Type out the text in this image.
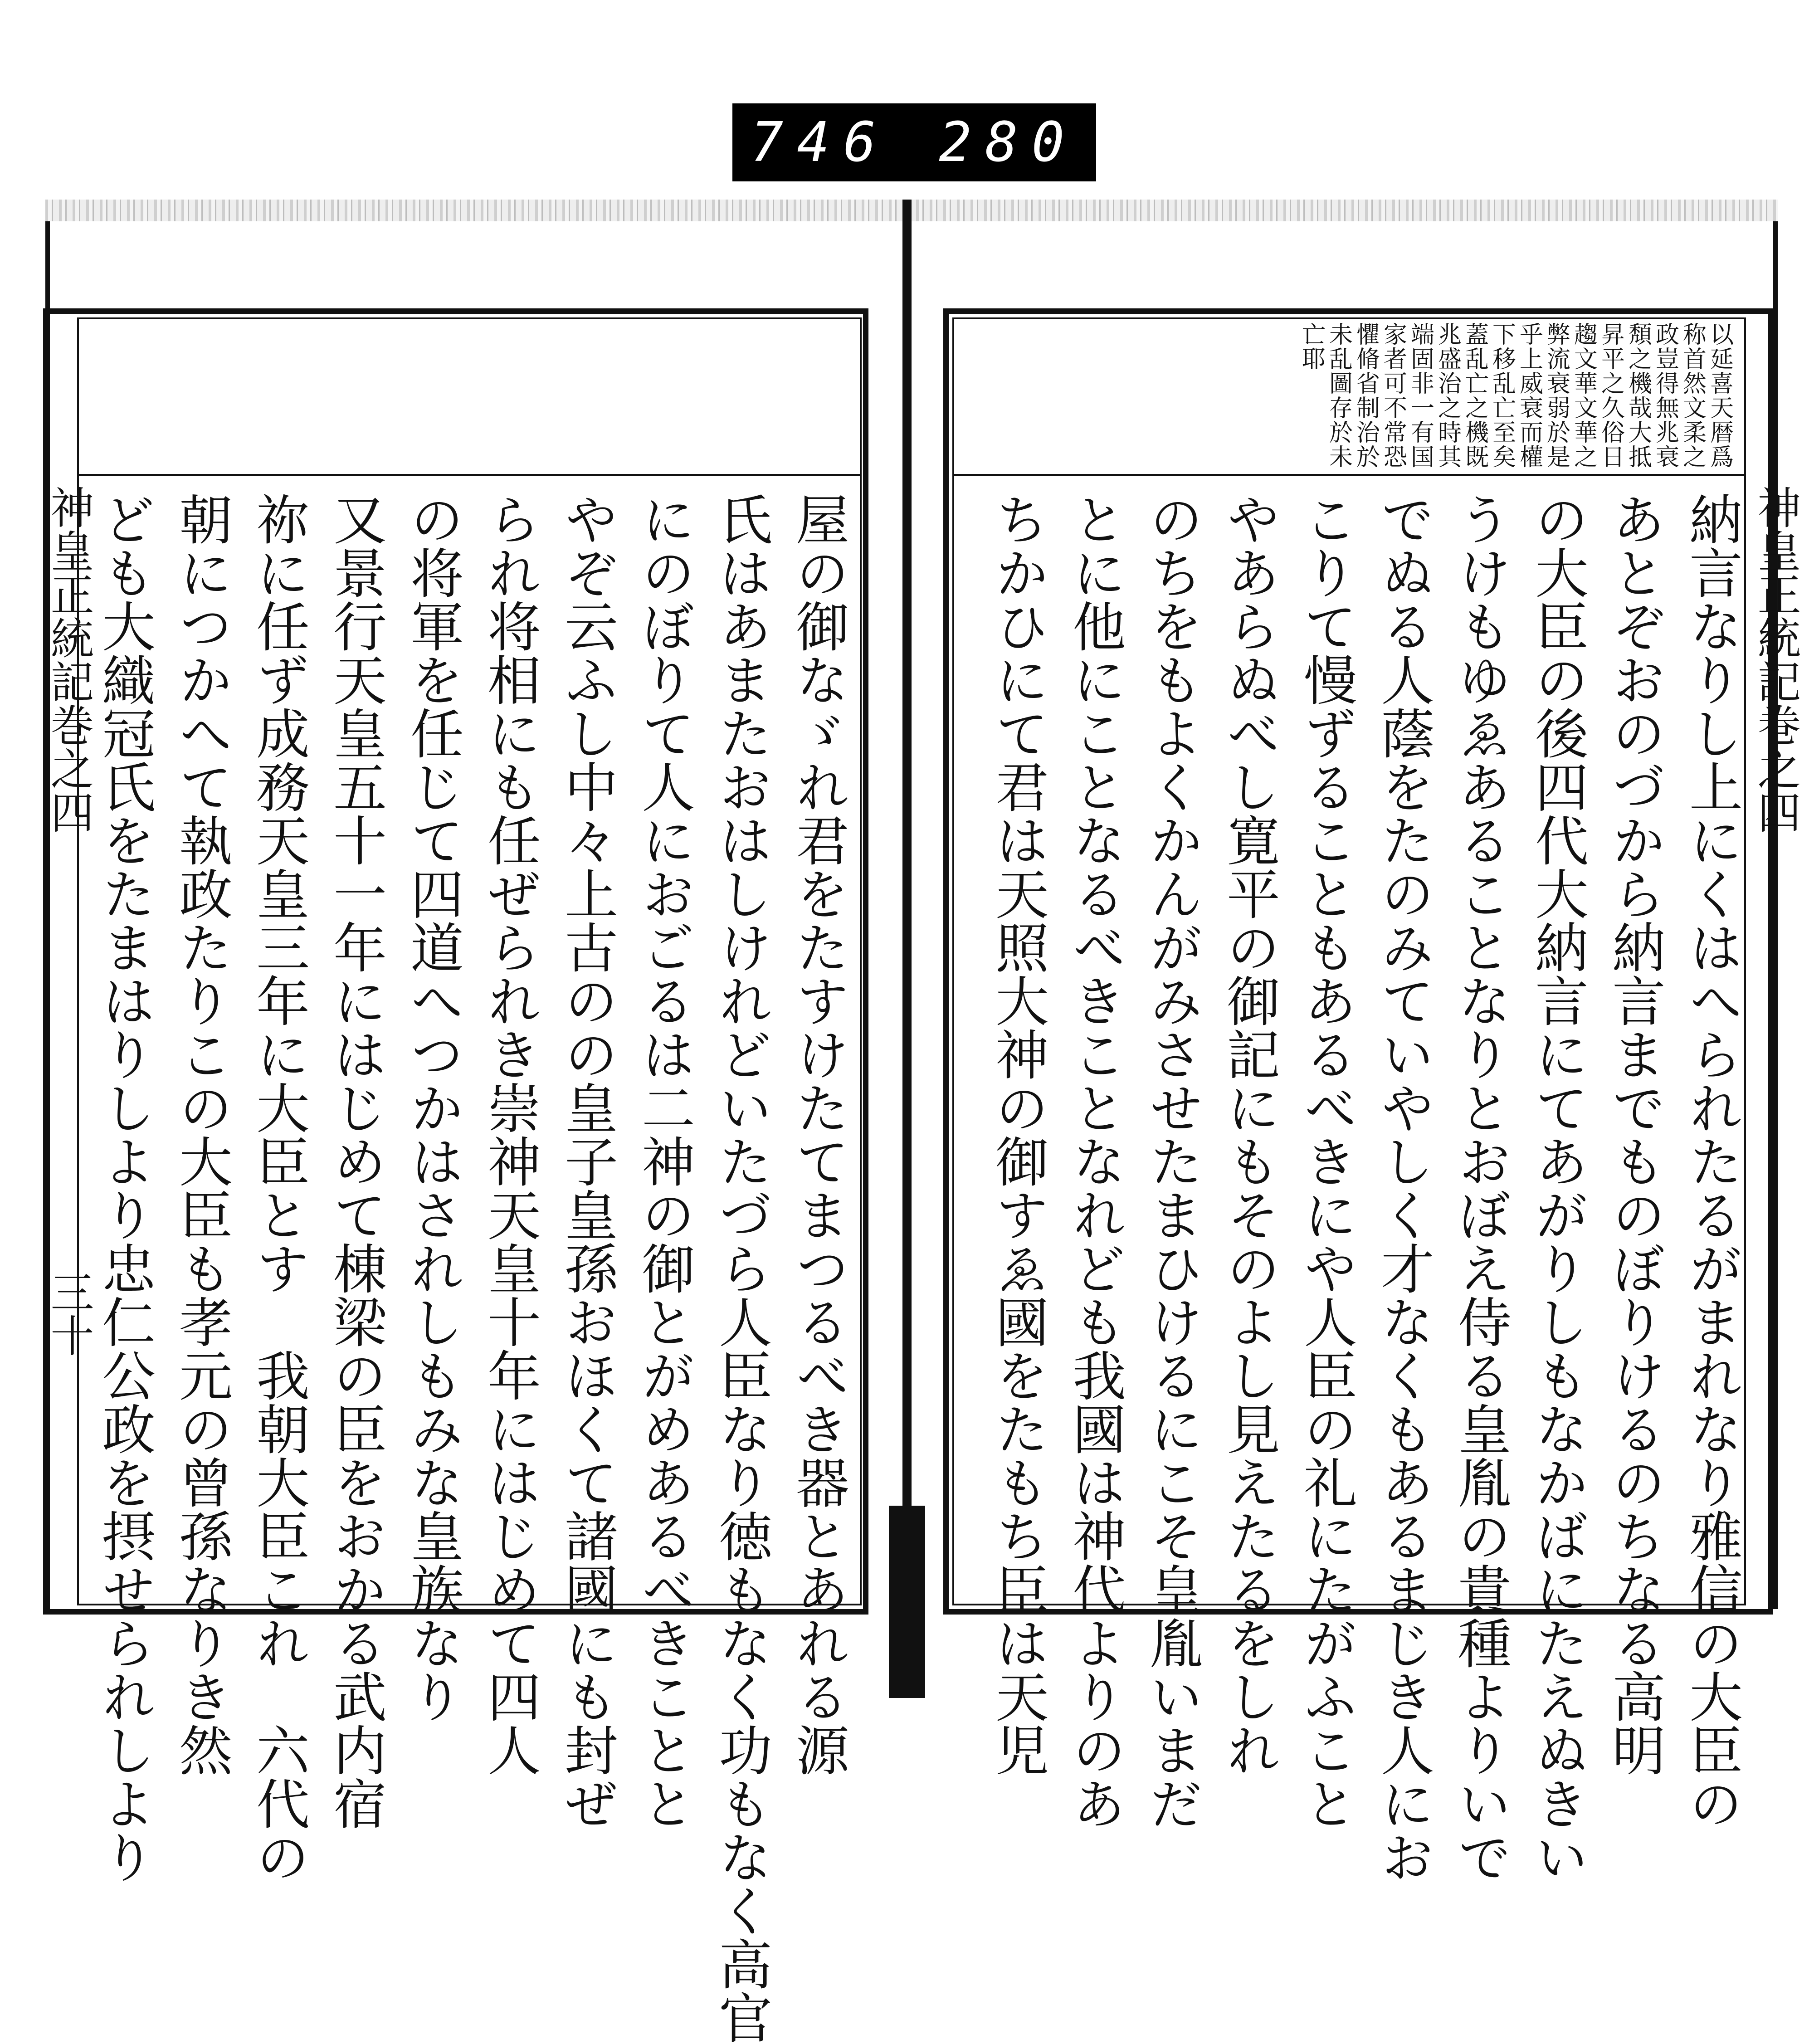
746 280
神皇正統記巻之四
三十	屋の御なゞれ君をたすけたてまつるべき器とあれる源
氏はあまたおはしけれどいたづら人臣なり徳もなく功もなく高官
にのぼりて人におごるは二神の御とがめあるべきことと
やぞ云ふし中々上古のの皇子皇孫おほくて諸國にも封ぜ
られ将相にも任ぜられき崇神天皇十年にはじめて四人
の将軍を任じて四道へつかはされしもみな皇族なり
又景行天皇五十一年にはじめて棟梁の臣をおかる武内宿
祢に任ず成務天皇三年に大臣とす　我朝大臣これ　六代の
朝につかへて執政たりこの大臣も孝元の曾孫なりき然
ども大織冠氏をたまはりしより忠仁公政を摂せられしより	神皇正統記巻之四
以延喜天暦爲
称首然文柔之
政豈得無兆衰
頽之機哉大抵
昇平之久俗日
趨文華文華之
弊流衰弱於是
乎上威衰而權
下移乱亡至矣
蓋乱亡之機既
兆盛治之時其
端固非一有国
家者可不常恐
懼脩省制治於
未乱圖存於未
亡耶
納言なりし上にくはへられたるがまれなり雅信の大臣の
あとぞおのづから納言までものぼりけるのちなる高明
の大臣の後四代大納言にてあがりしもなかばにたえぬきい
うけもゆゑあることなりとおぼえ侍る皇胤の貴種よりいで
でぬる人蔭をたのみていやしく才なくもあるまじき人にお
こりて慢ずることもあるべきにや人臣の礼にたがふこと
やあらぬべし寛平の御記にもそのよし見えたるをしれ
のちをもよくかんがみさせたまひけるにこそ皇胤いまだ
とに他にことなるべきことなれども我國は神代よりのあ
ちかひにて君は天照大神の御すゑ國をたもち臣は天児
